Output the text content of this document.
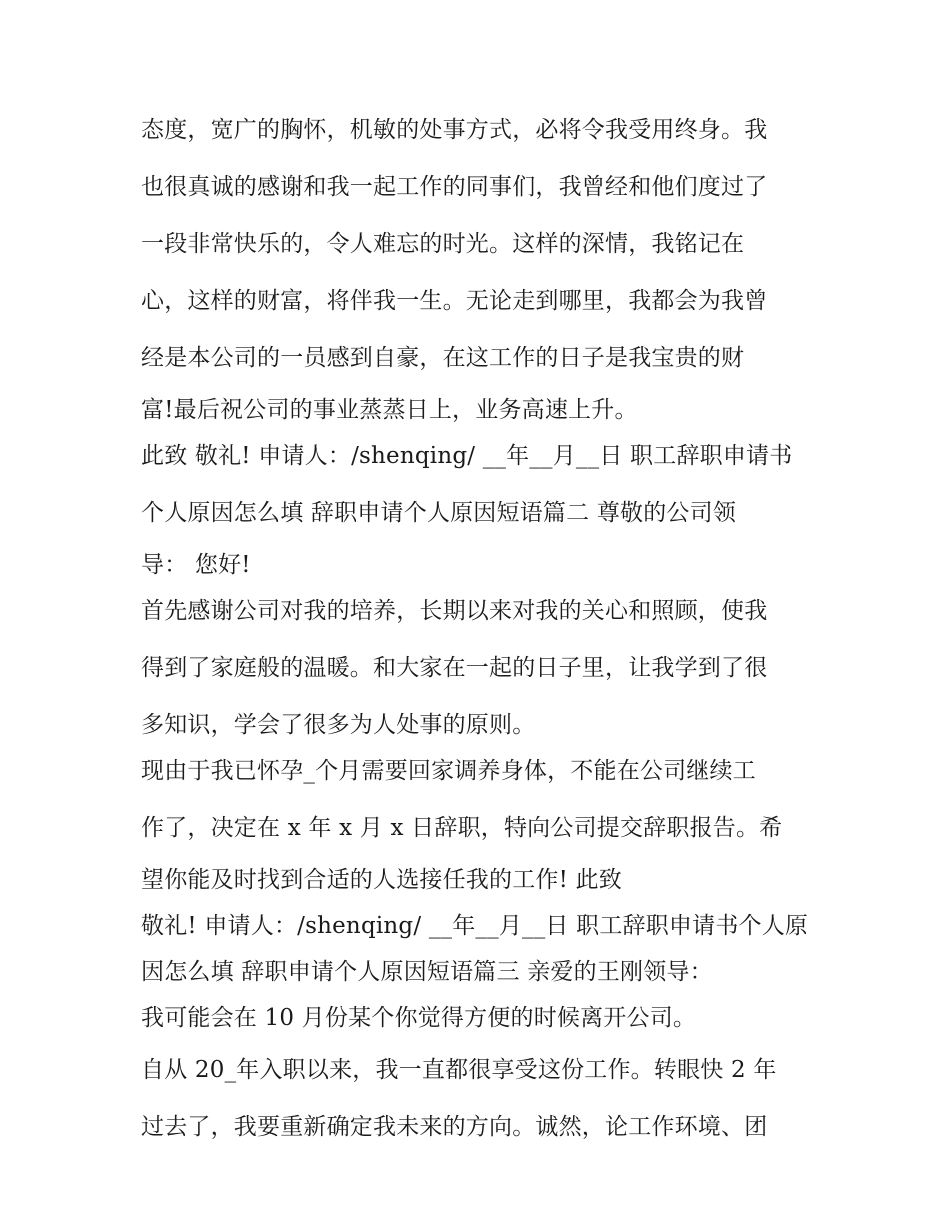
态度，宽广的胸怀，机敏的处事方式，必将令我受用终身。我
也很真诚的感谢和我一起工作的同事们，我曾经和他们度过了
一段非常快乐的，令人难忘的时光。这样的深情，我铭记在
心，这样的财富，将伴我一生。无论走到哪里，我都会为我曾
经是本公司的一员感到自豪，在这工作的日子是我宝贵的财
富!最后祝公司的事业蒸蒸日上，业务高速上升。
此致 敬礼! 申请人：/shenqing/ __年__月__日 职工辞职申请书
个人原因怎么填 辞职申请个人原因短语篇二 尊敬的公司领
导： 您好!
首先感谢公司对我的培养，长期以来对我的关心和照顾，使我
得到了家庭般的温暖。和大家在一起的日子里，让我学到了很
多知识，学会了很多为人处事的原则。
现由于我已怀孕_个月需要回家调养身体，不能在公司继续工
作了，决定在 x 年 x 月 x 日辞职，特向公司提交辞职报告。希
望你能及时找到合适的人选接任我的工作! 此致
敬礼! 申请人：/shenqing/ __年__月__日 职工辞职申请书个人原
因怎么填 辞职申请个人原因短语篇三 亲爱的王刚领导：
我可能会在 10 月份某个你觉得方便的时候离开公司。
自从 20_年入职以来，我一直都很享受这份工作。转眼快 2 年
过去了，我要重新确定我未来的方向。诚然，论工作环境、团
